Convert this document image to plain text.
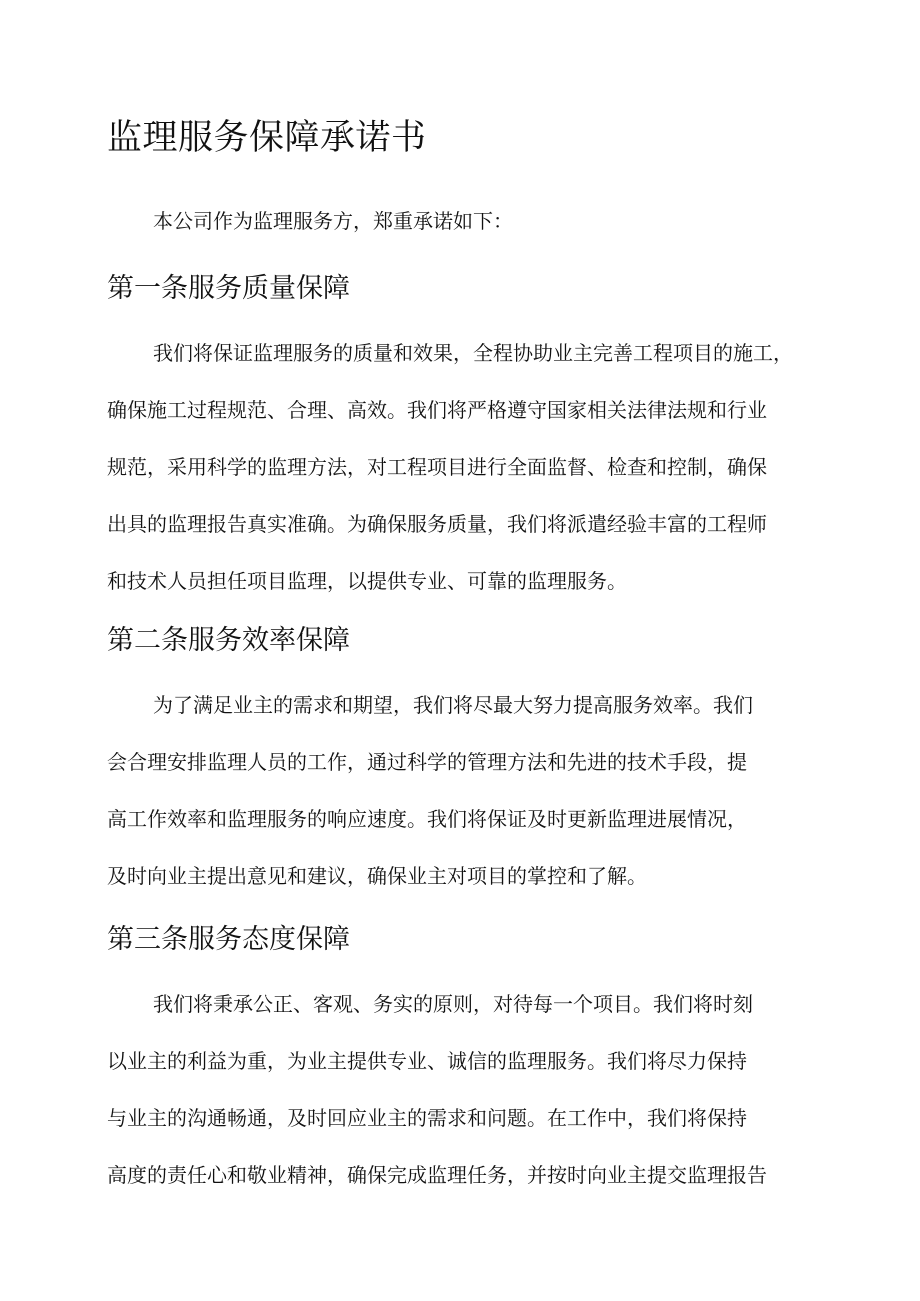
监理服务保障承诺书
本公司作为监理服务方，郑重承诺如下：
第一条服务质量保障
我们将保证监理服务的质量和效果，全程协助业主完善工程项目的施工，
确保施工过程规范、合理、高效。我们将严格遵守国家相关法律法规和行业
规范，采用科学的监理方法，对工程项目进行全面监督、检查和控制，确保
出具的监理报告真实准确。为确保服务质量，我们将派遣经验丰富的工程师
和技术人员担任项目监理，以提供专业、可靠的监理服务。
第二条服务效率保障
为了满足业主的需求和期望，我们将尽最大努力提高服务效率。我们
会合理安排监理人员的工作，通过科学的管理方法和先进的技术手段，提
高工作效率和监理服务的响应速度。我们将保证及时更新监理进展情况，
及时向业主提出意见和建议，确保业主对项目的掌控和了解。
第三条服务态度保障
我们将秉承公正、客观、务实的原则，对待每一个项目。我们将时刻
以业主的利益为重，为业主提供专业、诚信的监理服务。我们将尽力保持
与业主的沟通畅通，及时回应业主的需求和问题。在工作中，我们将保持
高度的责任心和敬业精神，确保完成监理任务，并按时向业主提交监理报告
